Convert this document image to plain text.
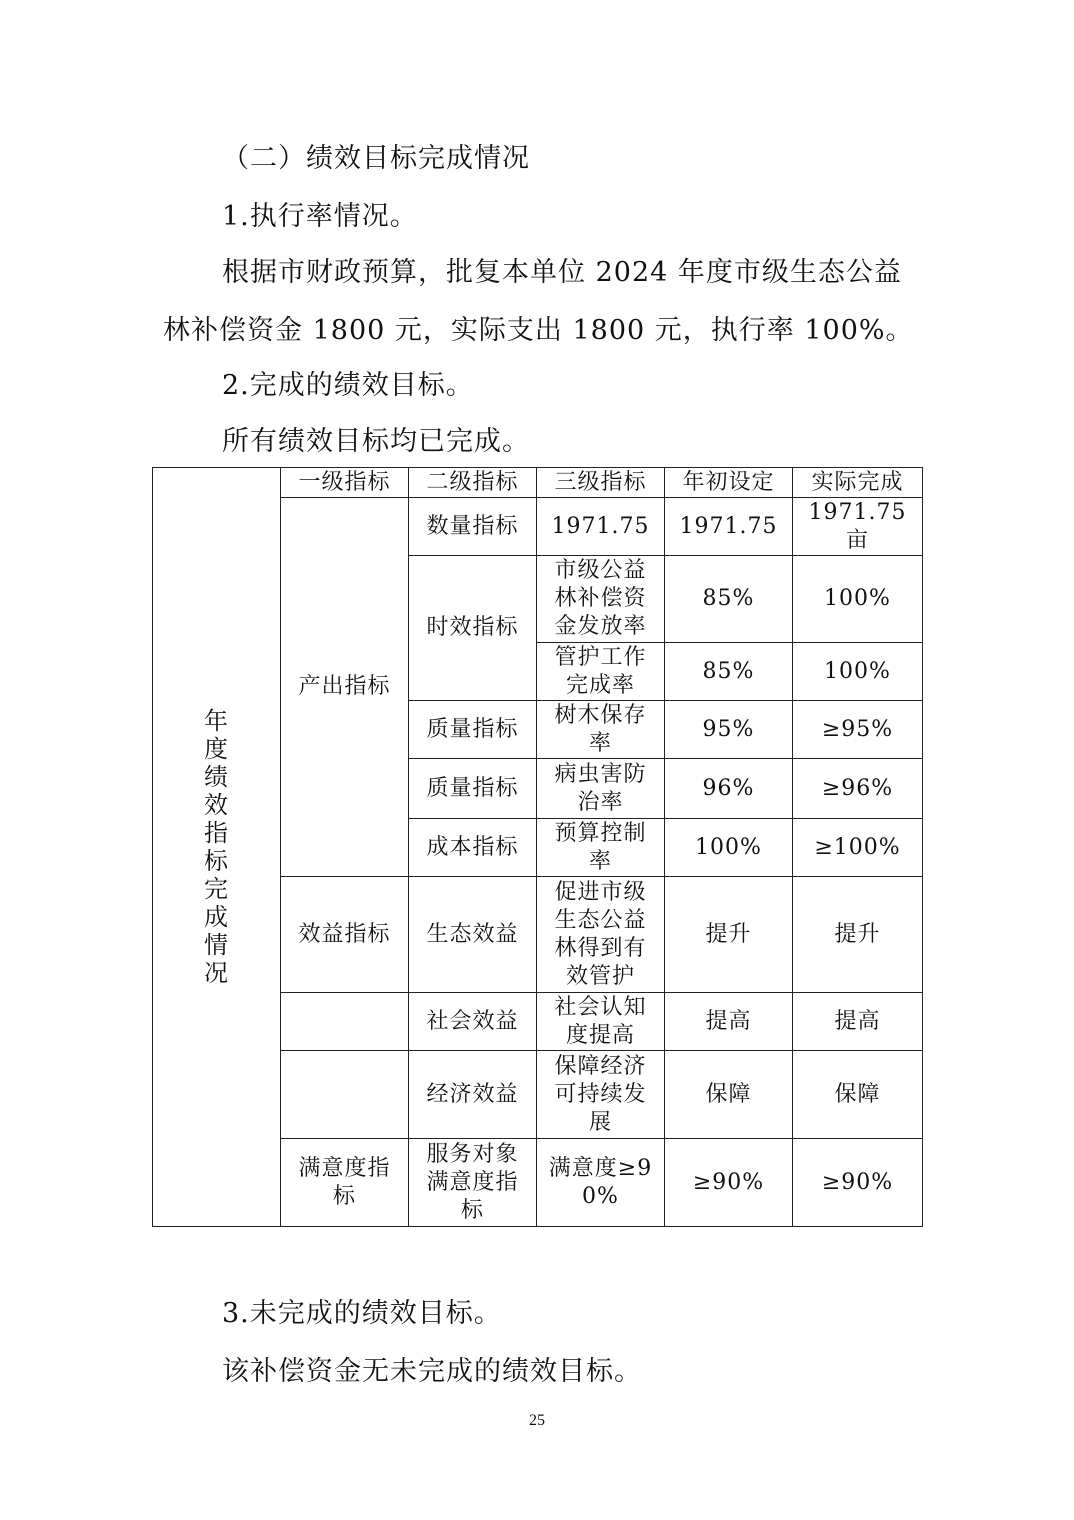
（二）绩效目标完成情况
1.执行率情况。
根据市财政预算，批复本单位 2024 年度市级生态公益
林补偿资金 1800 元，实际支出 1800 元，执行率 100%。
2.完成的绩效目标。
所有绩效目标均已完成。
年度绩效指标完成情况	一级指标	二级指标	三级指标	年初设定	实际完成
	产出指标	数量指标	1971.75	1971.75	1971.75亩
		时效指标	市级公益林补偿资金发放率	85%	100%
			管护工作完成率	85%	100%
		质量指标	树木保存率	95%	≥95%
		质量指标	病虫害防治率	96%	≥96%
		成本指标	预算控制率	100%	≥100%
	效益指标	生态效益	促进市级生态公益林得到有效管护	提升	提升
		社会效益	社会认知度提高	提高	提高
		经济效益	保障经济可持续发展	保障	保障
	满意度指标	服务对象满意度指标	满意度≥90%	≥90%	≥90%
3.未完成的绩效目标。
该补偿资金无未完成的绩效目标。
25
